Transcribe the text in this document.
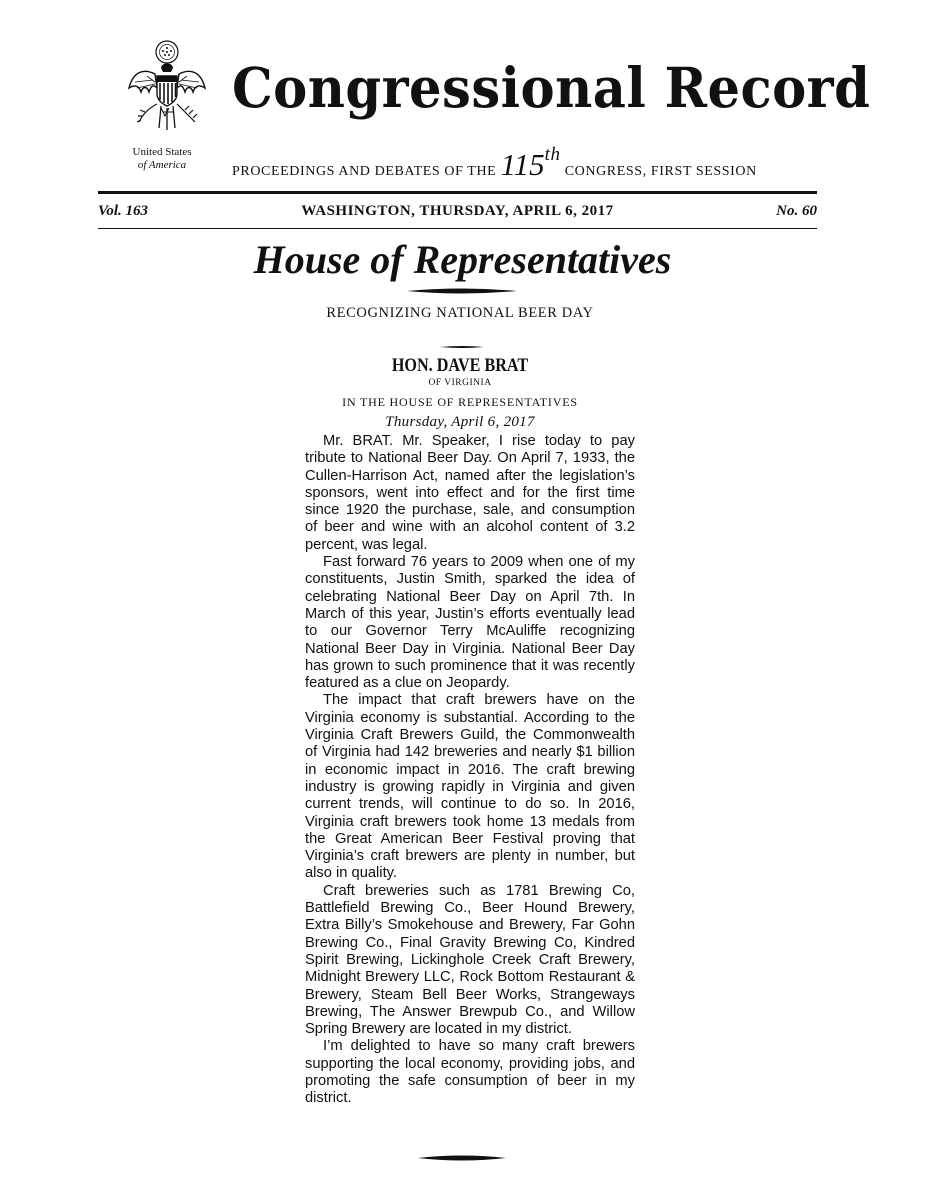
United States
of America
Congressional Record
PROCEEDINGS AND DEBATES OF THE 115th CONGRESS, FIRST SESSION
Vol. 163	WASHINGTON, THURSDAY, APRIL 6, 2017	No. 60
House of Representatives
RECOGNIZING NATIONAL BEER DAY
HON. DAVE BRAT
OF VIRGINIA
IN THE HOUSE OF REPRESENTATIVES
Thursday, April 6, 2017

Mr. BRAT. Mr. Speaker, I rise today to pay tribute to National Beer Day. On April 7, 1933, the Cullen-Harrison Act, named after the legislation’s sponsors, went into effect and for the first time since 1920 the purchase, sale, and consumption of beer and wine with an alcohol content of 3.2 percent, was legal.

Fast forward 76 years to 2009 when one of my constituents, Justin Smith, sparked the idea of celebrating National Beer Day on April 7th. In March of this year, Justin’s efforts eventually lead to our Governor Terry McAuliffe recognizing National Beer Day in Virginia. National Beer Day has grown to such prominence that it was recently featured as a clue on Jeopardy.

The impact that craft brewers have on the Virginia economy is substantial. According to the Virginia Craft Brewers Guild, the Commonwealth of Virginia had 142 breweries and nearly $1 billion in economic impact in 2016. The craft brewing industry is growing rapidly in Virginia and given current trends, will continue to do so. In 2016, Virginia craft brewers took home 13 medals from the Great American Beer Festival proving that Virginia’s craft brewers are plenty in number, but also in quality.

Craft breweries such as 1781 Brewing Co, Battlefield Brewing Co., Beer Hound Brewery, Extra Billy’s Smokehouse and Brewery, Far Gohn Brewing Co., Final Gravity Brewing Co, Kindred Spirit Brewing, Lickinghole Creek Craft Brewery, Midnight Brewery LLC, Rock Bottom Restaurant & Brewery, Steam Bell Beer Works, Strangeways Brewing, The Answer Brewpub Co., and Willow Spring Brewery are located in my district.

I’m delighted to have so many craft brewers supporting the local economy, providing jobs, and promoting the safe consumption of beer in my district.
